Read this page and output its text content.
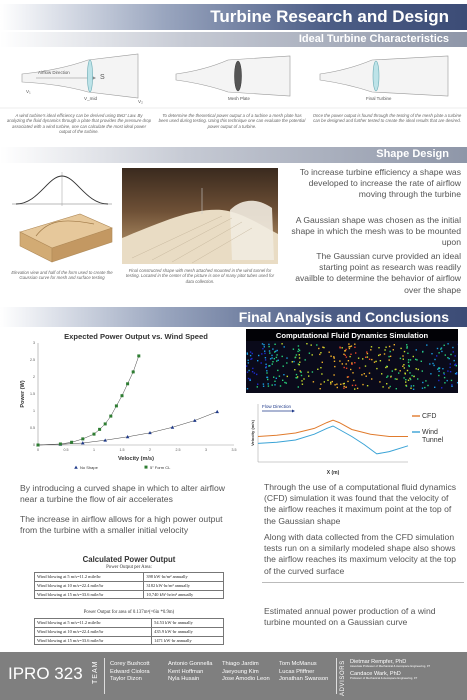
Turbine Research and Design
Ideal Turbine Characteristics
Airflow Direction
S
V₁
V_mid
V₂
Mesh Plate	Final Turbine
A wind turbine's ideal efficiency can be derived using Betz' Law. By analyzing the fluid dynamics through a plate that provides the pressure drop associated with a wind turbine, one can calculate the most ideal power output of the turbine.
To determine the theoretical power output a of a turbine a mesh plate has been used during testing. Using this technique one can evaluate the potential power output of a turbine.
Once the power output is found through the testing of the mesh plate a turbine can be designed and further tested to create the ideal results that are desired.
Shape Design
Elevation view and half of the form used to create the Gaussian curve for mesh and surface testing
Final constructed shape with mesh attached mounted in the wind tunnel for testing. Located in the center of the picture is one of many pitot tubes used for data collection.
To increase turbine efficiency a shape was developed to increase the rate of airflow moving through the turbine
A Gaussian shape was chosen as the initial shape in which the mesh was to be mounted upon
The Gaussian curve provided an ideal starting point as research was readily availble to determine the behavior of airflow over the shape
Final Analysis and Conclusions
Expected Power Output vs. Wind Speed
0	0.5	1	1.5	2	2.5	3	3.5
0
0.5
1
1.5
2
2.5
3
Velocity (m/s)
Power (W)
No Shape	5" Form CL
Computational Fluid Dynamics Simulation
Flow Direction
X (m)
Velocity (m/s)
CFD
Wind Tunnel
By introducing a curved shape in which to alter airflow near a turbine the flow of air accelerates
The increase in airflow allows for a high power output from the turbine with a smaller initial velocity
Through the use of a computational fluid dynamics (CFD) simulation it was found that the velocity of the airflow reaches it maximum point at the top of the Gaussian shape
Along with data collected from the CFD simulation tests run on a similarly modeled shape also shows the airflow reaches its maximum velocity at the top of the curved surface
Calculated Power Output
Power Output per Area:
Wind blowing at 5 m/s=11.2 mile/hr	398 kW·hr/m² annually
Wind blowing at 10 m/s=22.4 mile/hr	3182 kW·hr/m² annually
Wind blowing at 15 m/s=33.6 mile/hr	10,740 kW·hr/m² annually
Power Output for area of 0.137m²(=6in *0.9m)
Wind blowing at 5 m/s=11.2 mile/hr	54.53 kW·hr annually
Wind blowing at 10 m/s=22.4 mile/hr	435.9 kW·hr annually
Wind blowing at 15 m/s=33.6 mile/hr	1471 kW·hr annually
Estimated annual power production of a wind turbine mounted on a Gaussian curve
IPRO 323 TEAM Corey Bushcott
Edward Ciolora
Taylor Dizon
Antonio Gonnella
Kent Hoffman
Nyla Husain
Thiago Jardim
Jaeyoung Kim
Jose Amodio Leon
Tom McManus
Lucas Pfiffner
Jonathan Swanson ADVISORS Dietmar Rempfer, PhD
Associate Professor of Mechanical & Aerospace Engineering, IIT
Candace Wark, PhD
Professor of Mechanical & Aerospace Engineering, IIT
